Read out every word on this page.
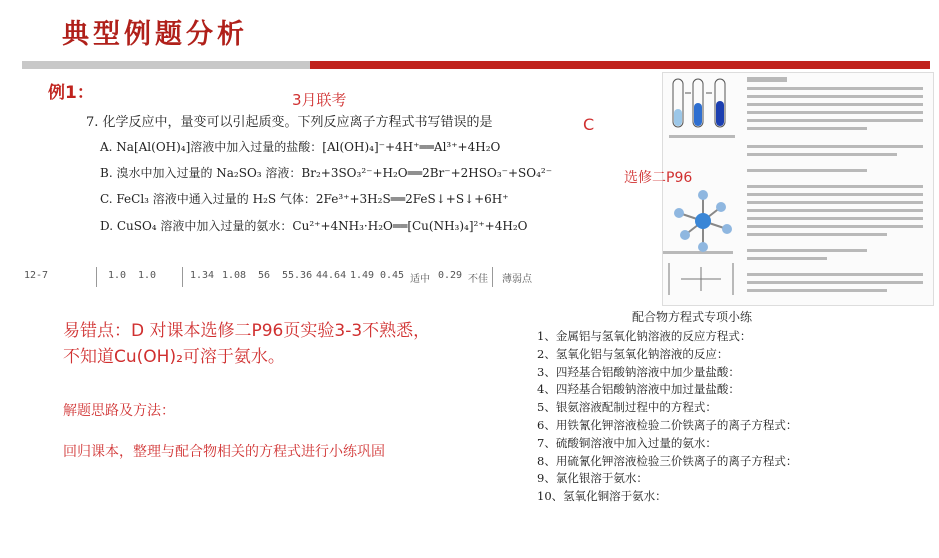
典型例题分析
例1：	3月联考
7. 化学反应中，量变可以引起质变。下列反应离子方程式书写错误的是	C
A. Na[Al(OH)₄]溶液中加入过量的盐酸：[Al(OH)₄]⁻+4H⁺══Al³⁺+4H₂O
B. 溴水中加入过量的 Na₂SO₃ 溶液：Br₂+3SO₃²⁻+H₂O══2Br⁻+2HSO₃⁻+SO₄²⁻
C. FeCl₃ 溶液中通入过量的 H₂S 气体：2Fe³⁺+3H₂S══2FeS↓+S↓+6H⁺
D. CuSO₄ 溶液中加入过量的氨水：Cu²⁺+4NH₃·H₂O══[Cu(NH₃)₄]²⁺+4H₂O
12-7	1.0 1.0	1.34 1.08 56 55.36 44.64 1.49 0.45 适中 0.29 不佳 薄弱点
易错点：D 对课本选修二P96页实验3-3不熟悉，不知道Cu(OH)₂可溶于氨水。
解题思路及方法：
回归课本，整理与配合物相关的方程式进行小练巩固
选修二P96
配合物方程式专项小练
1、金属铝与氢氧化钠溶液的反应方程式：
2、氢氧化铝与氢氧化钠溶液的反应：
3、四羟基合铝酸钠溶液中加少量盐酸：
4、四羟基合铝酸钠溶液中加过量盐酸：
5、银氨溶液配制过程中的方程式：
6、用铁氰化钾溶液检验二价铁离子的离子方程式：
7、硫酸铜溶液中加入过量的氨水：
8、用硫氰化钾溶液检验三价铁离子的离子方程式：
9、氯化银溶于氨水：
10、氢氧化铜溶于氨水：
